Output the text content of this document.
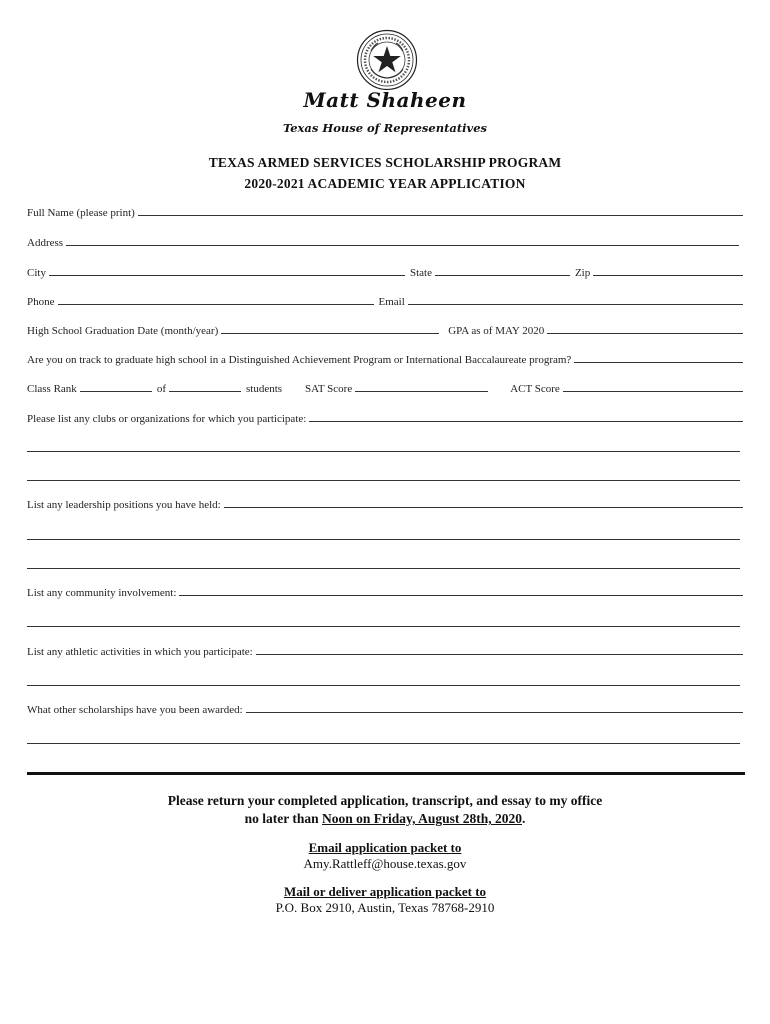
Matt Shaheen
Texas House of Representatives
TEXAS ARMED SERVICES SCHOLARSHIP PROGRAM
2020-2021 ACADEMIC YEAR APPLICATION
Full Name (please print)
Address
City	State	Zip
Phone	Email
High School Graduation Date (month/year)	GPA as of MAY 2020
Are you on track to graduate high school in a Distinguished Achievement Program or International Baccalaureate program?
Class Rank	of	students	SAT Score	ACT Score
Please list any clubs or organizations for which you participate:
List any leadership positions you have held:
List any community involvement:
List any athletic activities in which you participate:
What other scholarships have you been awarded:
Please return your completed application, transcript, and essay to my office
no later than Noon on Friday, August 28th, 2020.
Email application packet to
Amy.Rattleff@house.texas.gov
Mail or deliver application packet to
P.O. Box 2910, Austin, Texas 78768-2910
